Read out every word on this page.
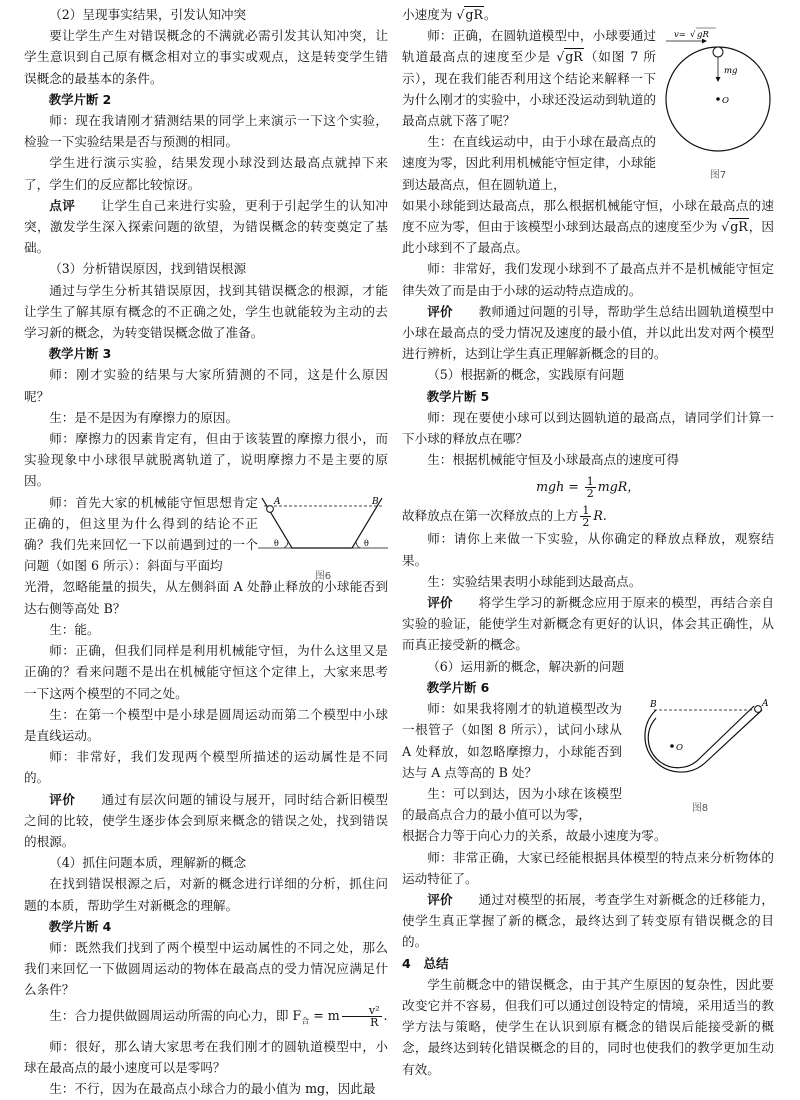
（2）呈现事实结果，引发认知冲突

要让学生产生对错误概念的不满就必需引发其认知冲突，让学生意识到自己原有概念相对立的事实或观点，这是转变学生错误概念的最基本的条件。

教学片断 2

师：现在我请刚才猜测结果的同学上来演示一下这个实验，检验一下实验结果是否与预测的相同。

学生进行演示实验，结果发现小球没到达最高点就掉下来了，学生们的反应都比较惊讶。

点评　　 让学生自己来进行实验，更利于引起学生的认知冲突，激发学生深入探索问题的欲望，为错误概念的转变奠定了基础。

（3）分析错误原因，找到错误根源

通过与学生分析其错误原因，找到其错误概念的根源，才能让学生了解其原有概念的不正确之处，学生也就能较为主动的去学习新的概念，为转变错误概念做了准备。

教学片断 3

师：刚才实验的结果与大家所猜测的不同，这是什么原因呢？

生：是不是因为有摩擦力的原因。

师：摩擦力的因素肯定有，但由于该装置的摩擦力很小，而实验现象中小球很早就脱离轨道了，说明摩擦力不是主要的原因。

师：首先大家的机械能守恒思想肯定正确的，但这里为什么得到的结论不正确？我们先来回忆一下以前遇到过的一个问题（如图 6 所示）：斜面与平面均

A	B
θ	θ
图6

光滑，忽略能量的损失，从左侧斜面 A 处静止释放的小球能否到达右侧等高处 B？

生：能。

师：正确，但我们同样是利用机械能守恒，为什么这里又是正确的？看来问题不是出在机械能守恒这个定律上，大家来思考一下这两个模型的不同之处。

生：在第一个模型中是小球是圆周运动而第二个模型中小球是直线运动。

师：非常好，我们发现两个模型所描述的运动属性是不同的。

评价　　 通过有层次问题的铺设与展开，同时结合新旧模型之间的比较，使学生逐步体会到原来概念的错误之处，找到错误的根源。

（4）抓住问题本质，理解新的概念

在找到错误根源之后，对新的概念进行详细的分析，抓住问题的本质，帮助学生对新概念的理解。

教学片断 4

师：既然我们找到了两个模型中运动属性的不同之处，那么我们来回忆一下做圆周运动的物体在最高点的受力情况应满足什么条件？

生：合力提供做圆周运动所需的向心力，即 $F_合 = m \frac{\text{v²}}{R}$ .

师：很好，那么请大家思考在我们刚才的圆轨道模型中，小球在最高点的最小速度可以是零吗？

生：不行，因为在最高点小球合力的最小值为 mg，因此最

小速度为 √gR。

师：正确，在圆轨道模型中，小球要通过轨道最高点的速度至少是 √gR（如图 7 所示），现在我们能否利用这个结论来解释一下为什么刚才的实验中，小球还没运动到轨道的最高点就下落了呢？

生：在直线运动中，由于小球在最高点的速度为零，因此利用机械能守恒定律，小球能到达最高点，但在圆轨道上，

v= √ gR
mg
O
图7

如果小球能到达最高点，那么根据机械能守恒，小球在最高点的速度不应为零，但由于该模型小球到达最高点的速度至少为 √gR，因此小球到不了最高点。

师：非常好，我们发现小球到不了最高点并不是机械能守恒定律失效了而是由于小球的运动特点造成的。

评价　　 教师通过问题的引导，帮助学生总结出圆轨道模型中小球在最高点的受力情况及速度的最小值，并以此出发对两个模型进行辨析，达到让学生真正理解新概念的目的。

（5）根据新的概念，实践原有问题
教学片断 5

师：现在要使小球可以到达圆轨道的最高点，请同学们计算一下小球的释放点在哪？

生：根据机械能守恒及小球最高点的速度可得

mgh = $\frac{1}{2}$ mgR，

故释放点在第一次释放点的上方 $\frac{1}{2} R$.

师：请你上来做一下实验，从你确定的释放点释放，观察结果。

生：实验结果表明小球能到达最高点。

评价　　 将学生学习的新概念应用于原来的模型，再结合亲自实验的验证，能使学生对新概念有更好的认识，体会其正确性，从而真正接受新的概念。

（6）运用新的概念，解决新的问题
教学片断 6

师：如果我将刚才的轨道模型改为一根管子（如图 8 所示），试问小球从 A 处释放，如忽略摩擦力，小球能否到达与 A 点等高的 B 处？

生：可以到达，因为小球在该模型的最高点合力的最小值可以为零，

O
B	A
图8

根据合力等于向心力的关系，故最小速度为零。

师：非常正确，大家已经能根据具体模型的特点来分析物体的运动特征了。

评价　　 通过对模型的拓展，考查学生对新概念的迁移能力，使学生真正掌握了新的概念，最终达到了转变原有错误概念的目的。

4　 总结

学生前概念中的错误概念，由于其产生原因的复杂性，因此要改变它并不容易，但我们可以通过创设特定的情境，采用适当的教学方法与策略，使学生在认识到原有概念的错误后能接受新的概念，最终达到转化错误概念的目的，同时也使我们的教学更加生动有效。
